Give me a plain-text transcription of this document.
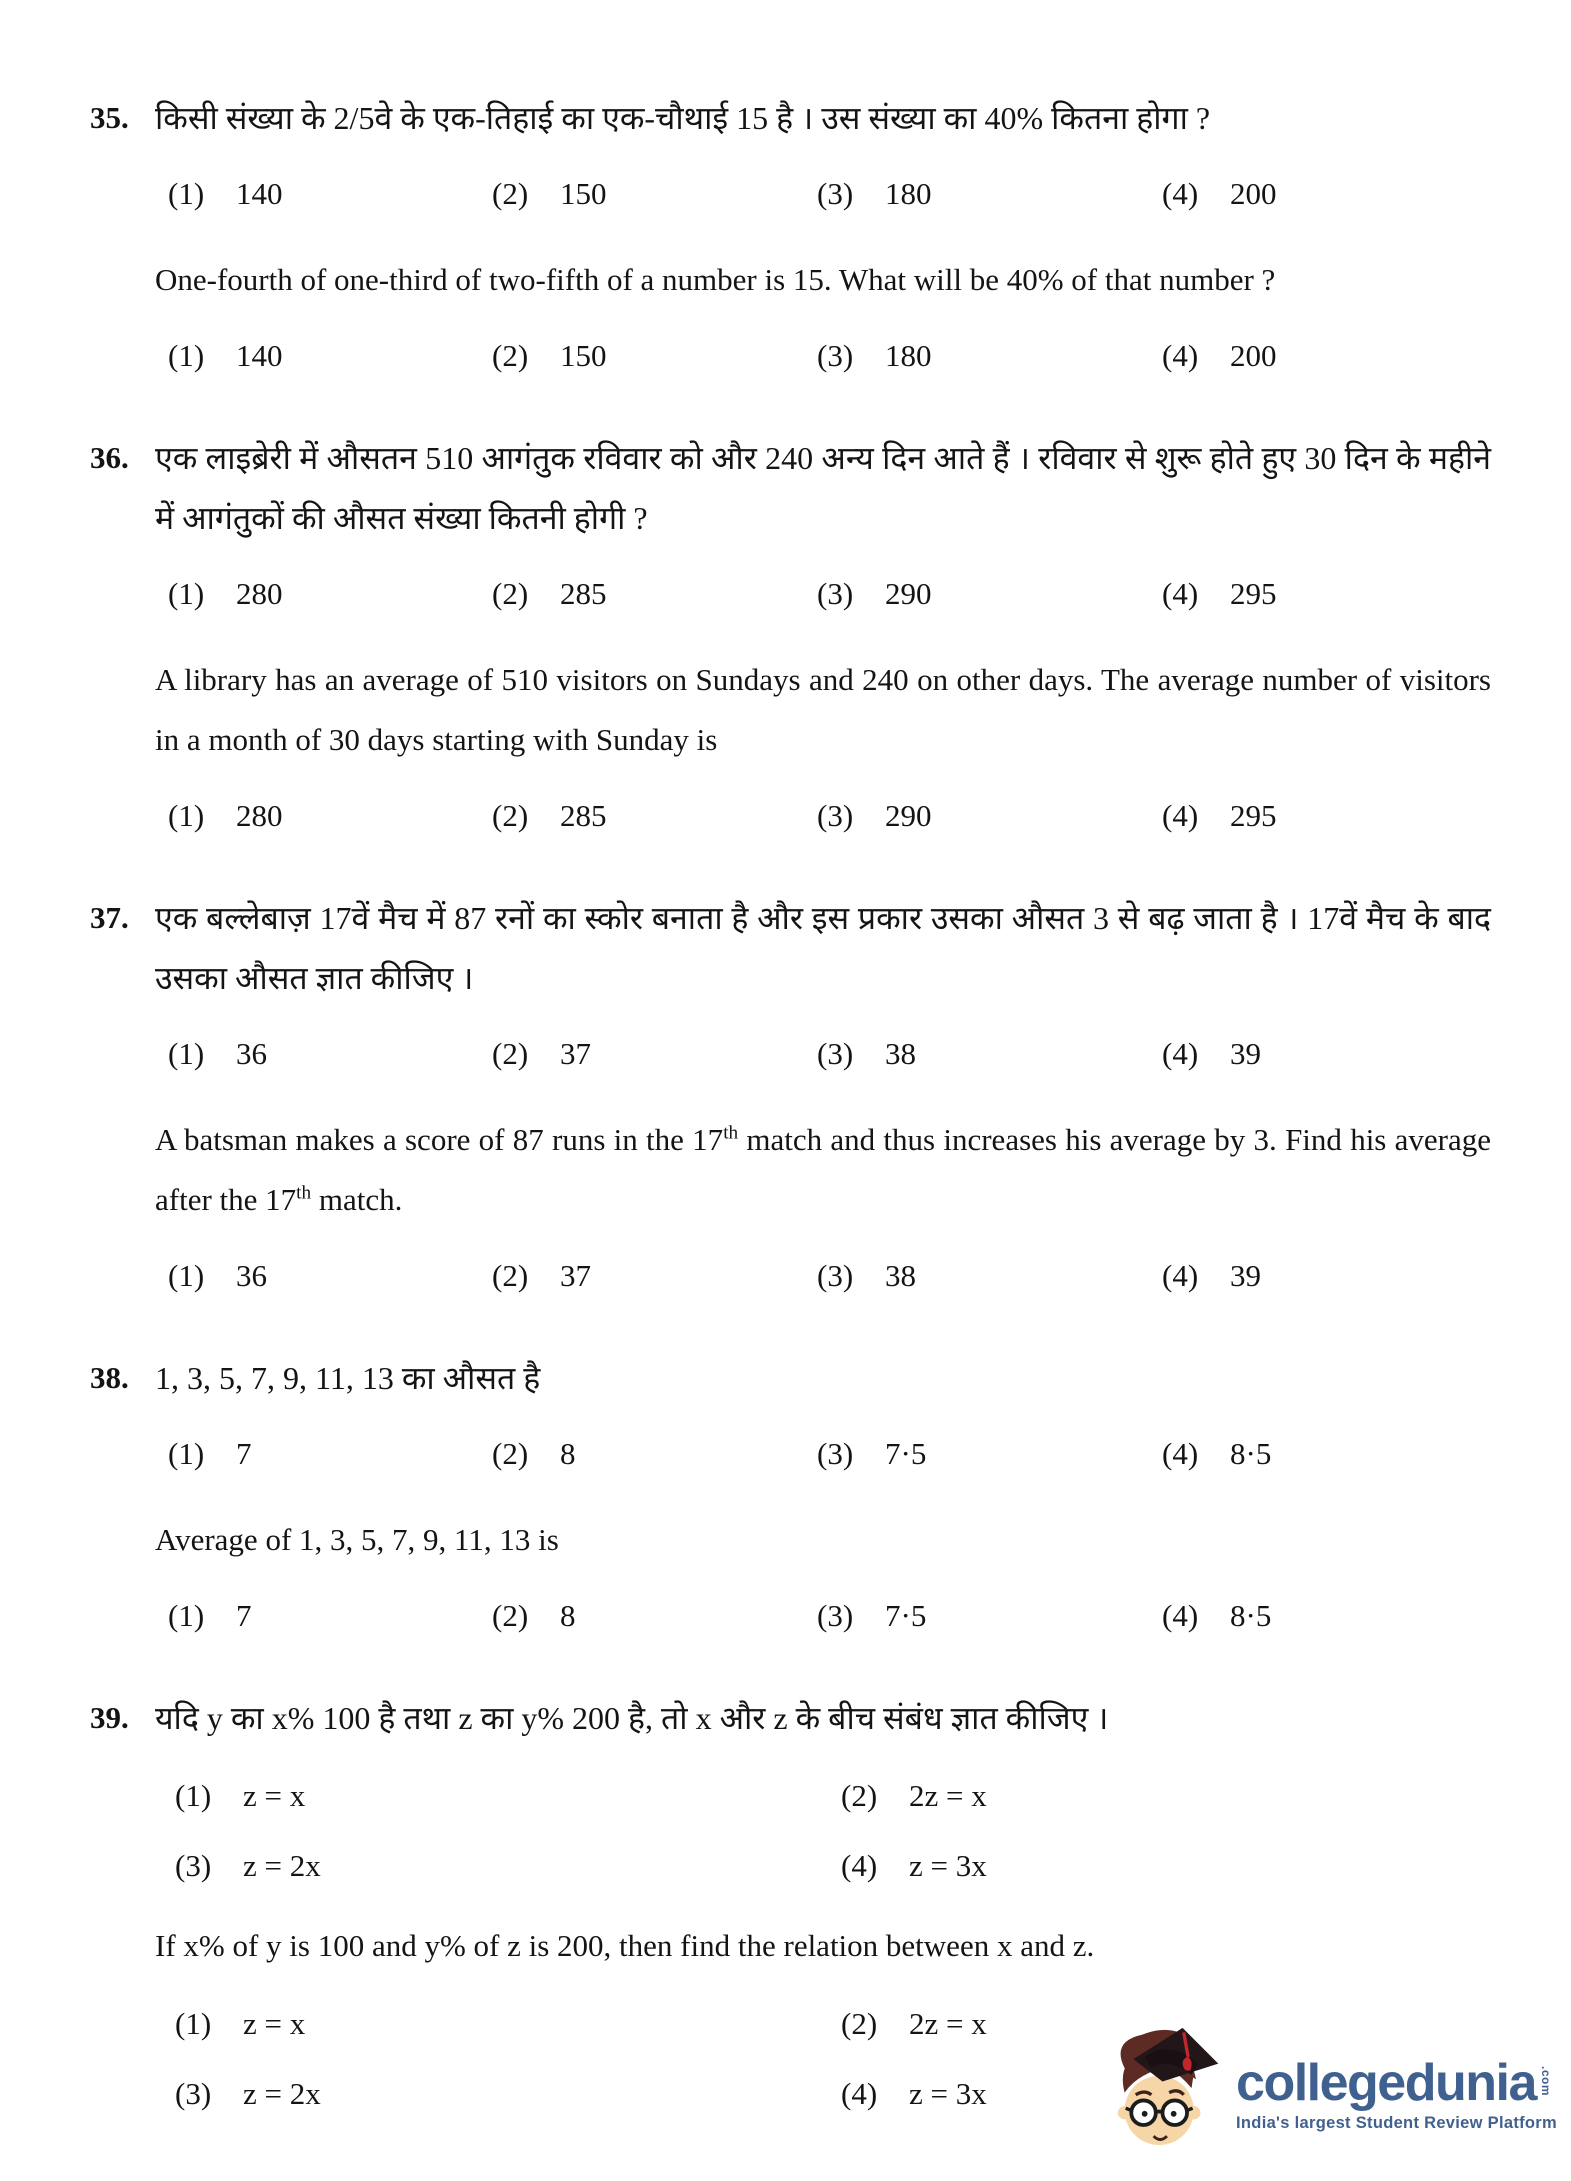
35. किसी संख्या के 2/5वे के एक-तिहाई का एक-चौथाई 15 है । उस संख्या का 40% कितना होगा ?

(1) 140	(2) 150	(3) 180	(4) 200

One-fourth of one-third of two-fifth of a number is 15. What will be 40% of that number ?

(1) 140	(2) 150	(3) 180	(4) 200
36. एक लाइब्रेरी में औसतन 510 आगंतुक रविवार को और 240 अन्य दिन आते हैं । रविवार से शुरू होते हुए 30 दिन के महीने में आगंतुकों की औसत संख्या कितनी होगी ?

(1) 280	(2) 285	(3) 290	(4) 295

A library has an average of 510 visitors on Sundays and 240 on other days. The average number of visitors in a month of 30 days starting with Sunday is

(1) 280	(2) 285	(3) 290	(4) 295
37. एक बल्लेबाज़ 17वें मैच में 87 रनों का स्कोर बनाता है और इस प्रकार उसका औसत 3 से बढ़ जाता है । 17वें मैच के बाद उसका औसत ज्ञात कीजिए ।

(1) 36	(2) 37	(3) 38	(4) 39

A batsman makes a score of 87 runs in the 17th match and thus increases his average by 3. Find his average after the 17th match.

(1) 36	(2) 37	(3) 38	(4) 39
38. 1, 3, 5, 7, 9, 11, 13 का औसत है

(1) 7	(2) 8	(3) 7·5	(4) 8·5

Average of 1, 3, 5, 7, 9, 11, 13 is

(1) 7	(2) 8	(3) 7·5	(4) 8·5
39. यदि y का x% 100 है तथा z का y% 200 है, तो x और z के बीच संबंध ज्ञात कीजिए ।

(1) z = x	(2) 2z = x
(3) z = 2x	(4) z = 3x

If x% of y is 100 and y% of z is 200, then find the relation between x and z.

(1) z = x	(2) 2z = x
(3) z = 2x	(4) z = 3x	collegedunia .com
India's largest Student Review Platform
